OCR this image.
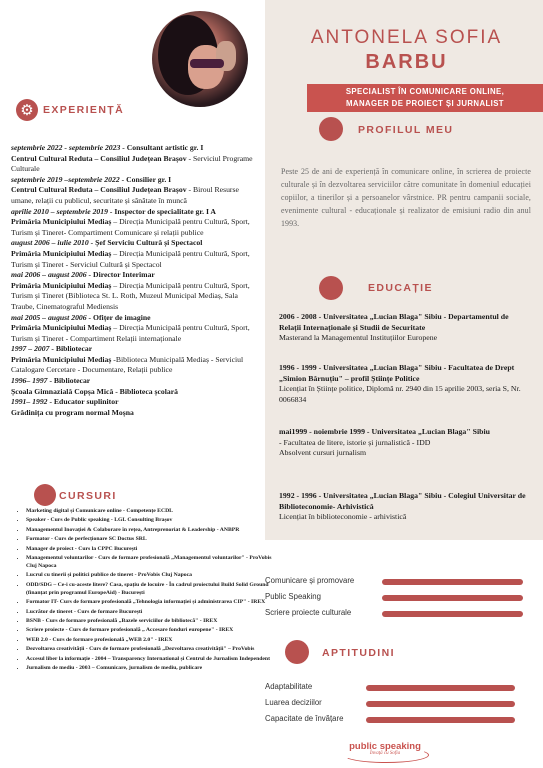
ANTONELA SOFIA
BARBU
SPECIALIST ÎN COMUNICARE ONLINE,
MANAGER DE PROIECT ȘI JURNALIST
⚙ EXPERIENȚĂ

septembrie 2022 - septembrie 2023 - Consultant artistic gr. I

Centrul Cultural Reduta – Consiliul Județean Brașov - Serviciul Programe Culturale

septembrie 2019 –septembrie 2022 - Consilier gr. I

Centrul Cultural Reduta – Consiliul Județean Brașov - Biroul Resurse umane, relații cu publicul, securitate și sănătate în muncă

aprilie 2010 – septembrie 2019 - Inspector de specialitate gr. I A

Primăria Municipiului Mediaș – Direcția Municipală pentru Cultură, Sport, Turism și Tineret- Compartiment Comunicare și relații publice

august 2006 – iulie 2010 - Șef Serviciu Cultură și Spectacol

Primăria Municipiului Mediaș – Direcția Municipală pentru Cultură, Sport, Turism și Tineret - Serviciul Cultură și Spectacol

mai 2006 – august 2006 - Director Interimar

Primăria Municipiului Mediaș – Direcția Municipală pentru Cultură, Sport, Turism și Tineret (Biblioteca St. L. Roth, Muzeul Municipal Mediaș, Sala Traube, Cinematograful Mediensis

mai 2005 – august 2006 - Ofițer de imagine

Primăria Municipiului Mediaș – Direcția Municipală pentru Cultură, Sport, Turism și Tineret - Compartiment Relații internaționale

1997 – 2007 - Bibliotecar

Primăria Municipiului Mediaș -Biblioteca Municipală Mediaș - Serviciul Catalogare Cercetare - Documentare, Relații publice

1996– 1997 - Bibliotecar

Școala Gimnazială Copșa Mică - Biblioteca școlară

1991– 1992 - Educator suplinitor

Grădinița cu program normal Moșna

CURSURI
• Marketing digital și Comunicare online - Competențe ECDL
• Speaker - Curs de Public speaking - LGL Consulting Brașov
• Managementul Inovației & Colaborare în rețea, Antreprenoriat & Leadership - ANBPR
• Formator - Curs de perfecționare SC Doctus SRL
• Manager de proiect - Curs la CPPC București
• Managementul voluntarilor - Curs de formare profesională „Managementul voluntarilor" - ProVobis Cluj Napoca
• Lucrul cu tinerii și politici publice de tineret - ProVobis Cluj Napoca
• ODD/SDG – Ce-i cu-aceste litere? Casa, spațiu de locuire - În cadrul proiectului Build Solid Ground (finanțat prin programul EuropeAid) - București
• Formator IT- Curs de formare profesională „Tehnologia informației și administrarea CIP" - IREX
• Lucrător de tineret - Curs de formare București
• BSNB - Curs de formare profesională „Bazele serviciilor de bibliotecă" - IREX
• Scriere proiecte - Curs de formare profesională „ Accesare fonduri europene" - IREX
• WEB 2.0 - Curs de formare profesională „WEB 2.0" - IREX
• Dezvoltarea creativității - Curs de formare profesională „Dezvoltarea creativității" – ProVobis
• Accesul liber la informație - 2004 – Transparency International și Centrul de Jurnalism Independent
• Jurnalism de mediu - 2003 – Comunicare, jurnalism de mediu, publicare
PROFILUL MEU
Peste 25 de ani de experiență în comunicare online, în scrierea de proiecte culturale și în dezvoltarea serviciilor către comunitate în domeniul educației copiilor, a tinerilor și a persoanelor vârstnice. PR pentru campanii sociale, evenimente cultural - educaționale și realizator de emisiuni radio din anul 1993.
EDUCAȚIE

2006 - 2008 - Universitatea „Lucian Blaga" Sibiu - Departamentul de Relații Internaționale și Studii de Securitate

Masterand la Managementul Instituțiilor Europene

1996 - 1999 - Universitatea „Lucian Blaga" Sibiu - Facultatea de Drept „Simion Bărnuțiu" – profil Științe Politice

Licențiat în Științe politice, Diplomă nr. 2940 din 15 aprilie 2003, seria S, Nr. 0066834

mai1999 - noiembrie 1999 - Universitatea „Lucian Blaga" Sibiu

- Facultatea de litere, istorie și jurnalistică - IDD

Absolvent cursuri jurnalism

1992 - 1996 - Universitatea „Lucian Blaga" Sibiu - Colegiul Universitar de Biblioteconomie- Arhivistică

Licențiat în biblioteconomie - arhivistică

Comunicare și promovare
Public Speaking
Scriere proiecte culturale
APTITUDINI
Adaptabilitate
Luarea deciziilor
Capacitate de învățare
public speaking
Învață cu Sofia
